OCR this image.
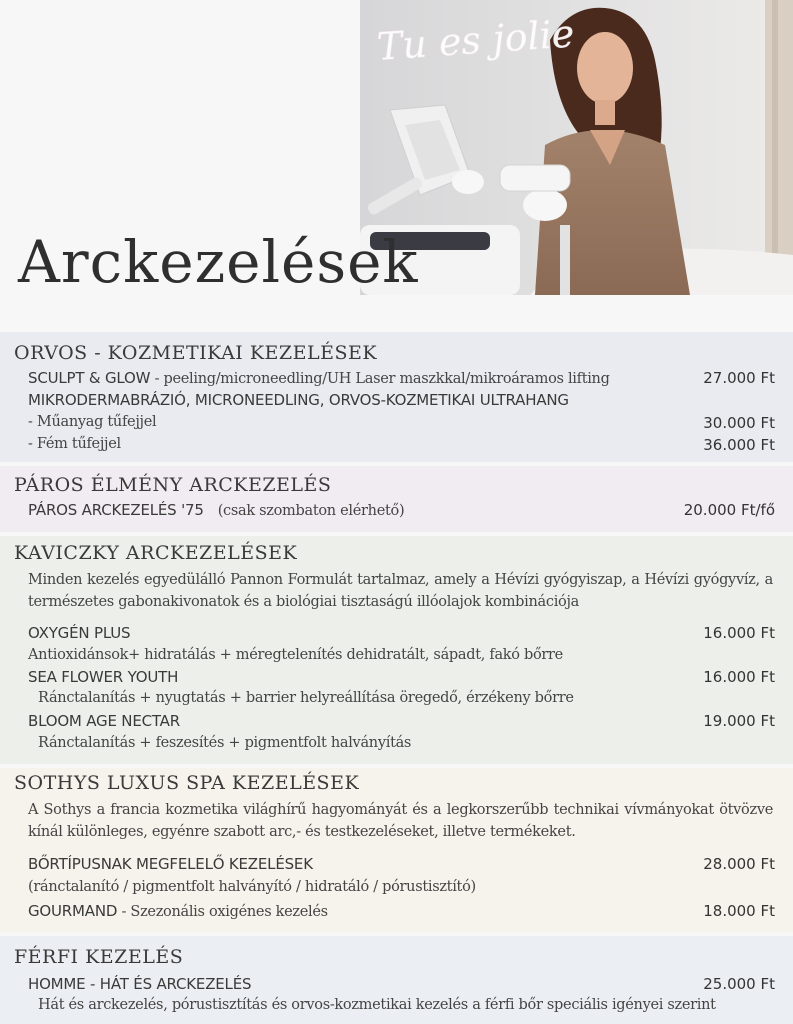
Tu es jolie
Arckezelések
ORVOS - KOZMETIKAI KEZELÉSEK
SCULPT & GLOW - peeling/microneedling/UH Laser maszkkal/mikroáramos lifting	27.000 Ft
MIKRODERMABRÁZIÓ, MICRONEEDLING, ORVOS-KOZMETIKAI ULTRAHANG
- Műanyag tűfejjel	30.000 Ft
- Fém tűfejjel	36.000 Ft
PÁROS ÉLMÉNY ARCKEZELÉS
PÁROS ARCKEZELÉS '75 (csak szombaton elérhető)	20.000 Ft/fő
KAVICZKY ARCKEZELÉSEK
Minden kezelés egyedülálló Pannon Formulát tartalmaz, amely a Hévízi gyógyiszap, a Hévízi gyógyvíz, a természetes gabonakivonatok és a biológiai tisztaságú illóolajok kombinációja
OXYGÉN PLUS	16.000 Ft
Antioxidánsok+ hidratálás + méregtelenítés dehidratált, sápadt, fakó bőrre
SEA FLOWER YOUTH	16.000 Ft
Ránctalanítás + nyugtatás + barrier helyreállítása öregedő, érzékeny bőrre
BLOOM AGE NECTAR	19.000 Ft
Ránctalanítás + feszesítés + pigmentfolt halványítás
SOTHYS LUXUS SPA KEZELÉSEK
A Sothys a francia kozmetika világhírű hagyományát és a legkorszerűbb technikai vívmányokat ötvözve kínál különleges, egyénre szabott arc,- és testkezeléseket, illetve termékeket.
BŐRTÍPUSNAK MEGFELELŐ KEZELÉSEK	28.000 Ft
(ránctalanító / pigmentfolt halványító / hidratáló / pórustisztító)
GOURMAND - Szezonális oxigénes kezelés	18.000 Ft
FÉRFI KEZELÉS
HOMME - HÁT ÉS ARCKEZELÉS	25.000 Ft
Hát és arckezelés, pórustisztítás és orvos-kozmetikai kezelés a férfi bőr speciális igényei szerint
